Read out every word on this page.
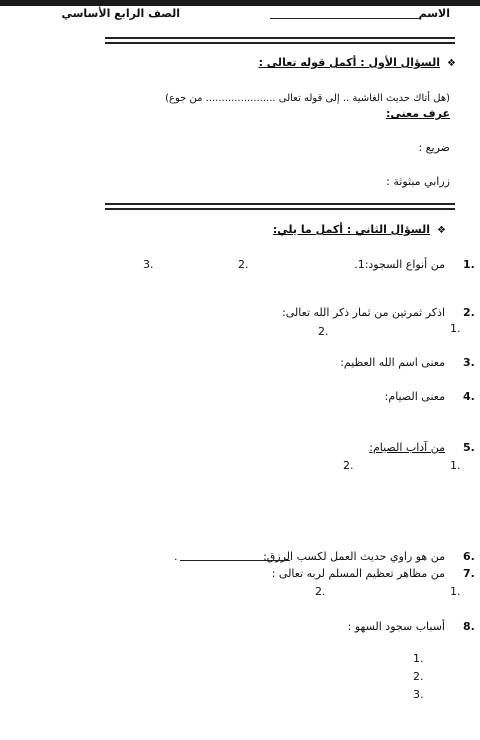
الاسم
الصف الرابع الأساسي
❖
السؤال الأول : أكمل قوله تعالى :
(هل أتاك حديث الغاشية .. إلى قوله تعالى ...................... من جوع)
عرف معنى:
ضريع :
زرابي مبثوثة :
❖
السؤال الثاني : أكمل ما يلي:
1.
من أنواع السجود:1.
2.
3.
2.
اذكر ثمرتين من ثمار ذكر الله تعالى:
1.
2.
3.
معنى اسم الله العظيم:
4.
معنى الصيام:
5.
من آداب الصيام:
1.
2.
6.
من هو راوي حديث العمل لكسب الرزق:
.
7.
من مظاهر تعظيم المسلم لربه تعالى :
1.
2.
8.
أسباب سجود السهو :
1.
2.
3.
